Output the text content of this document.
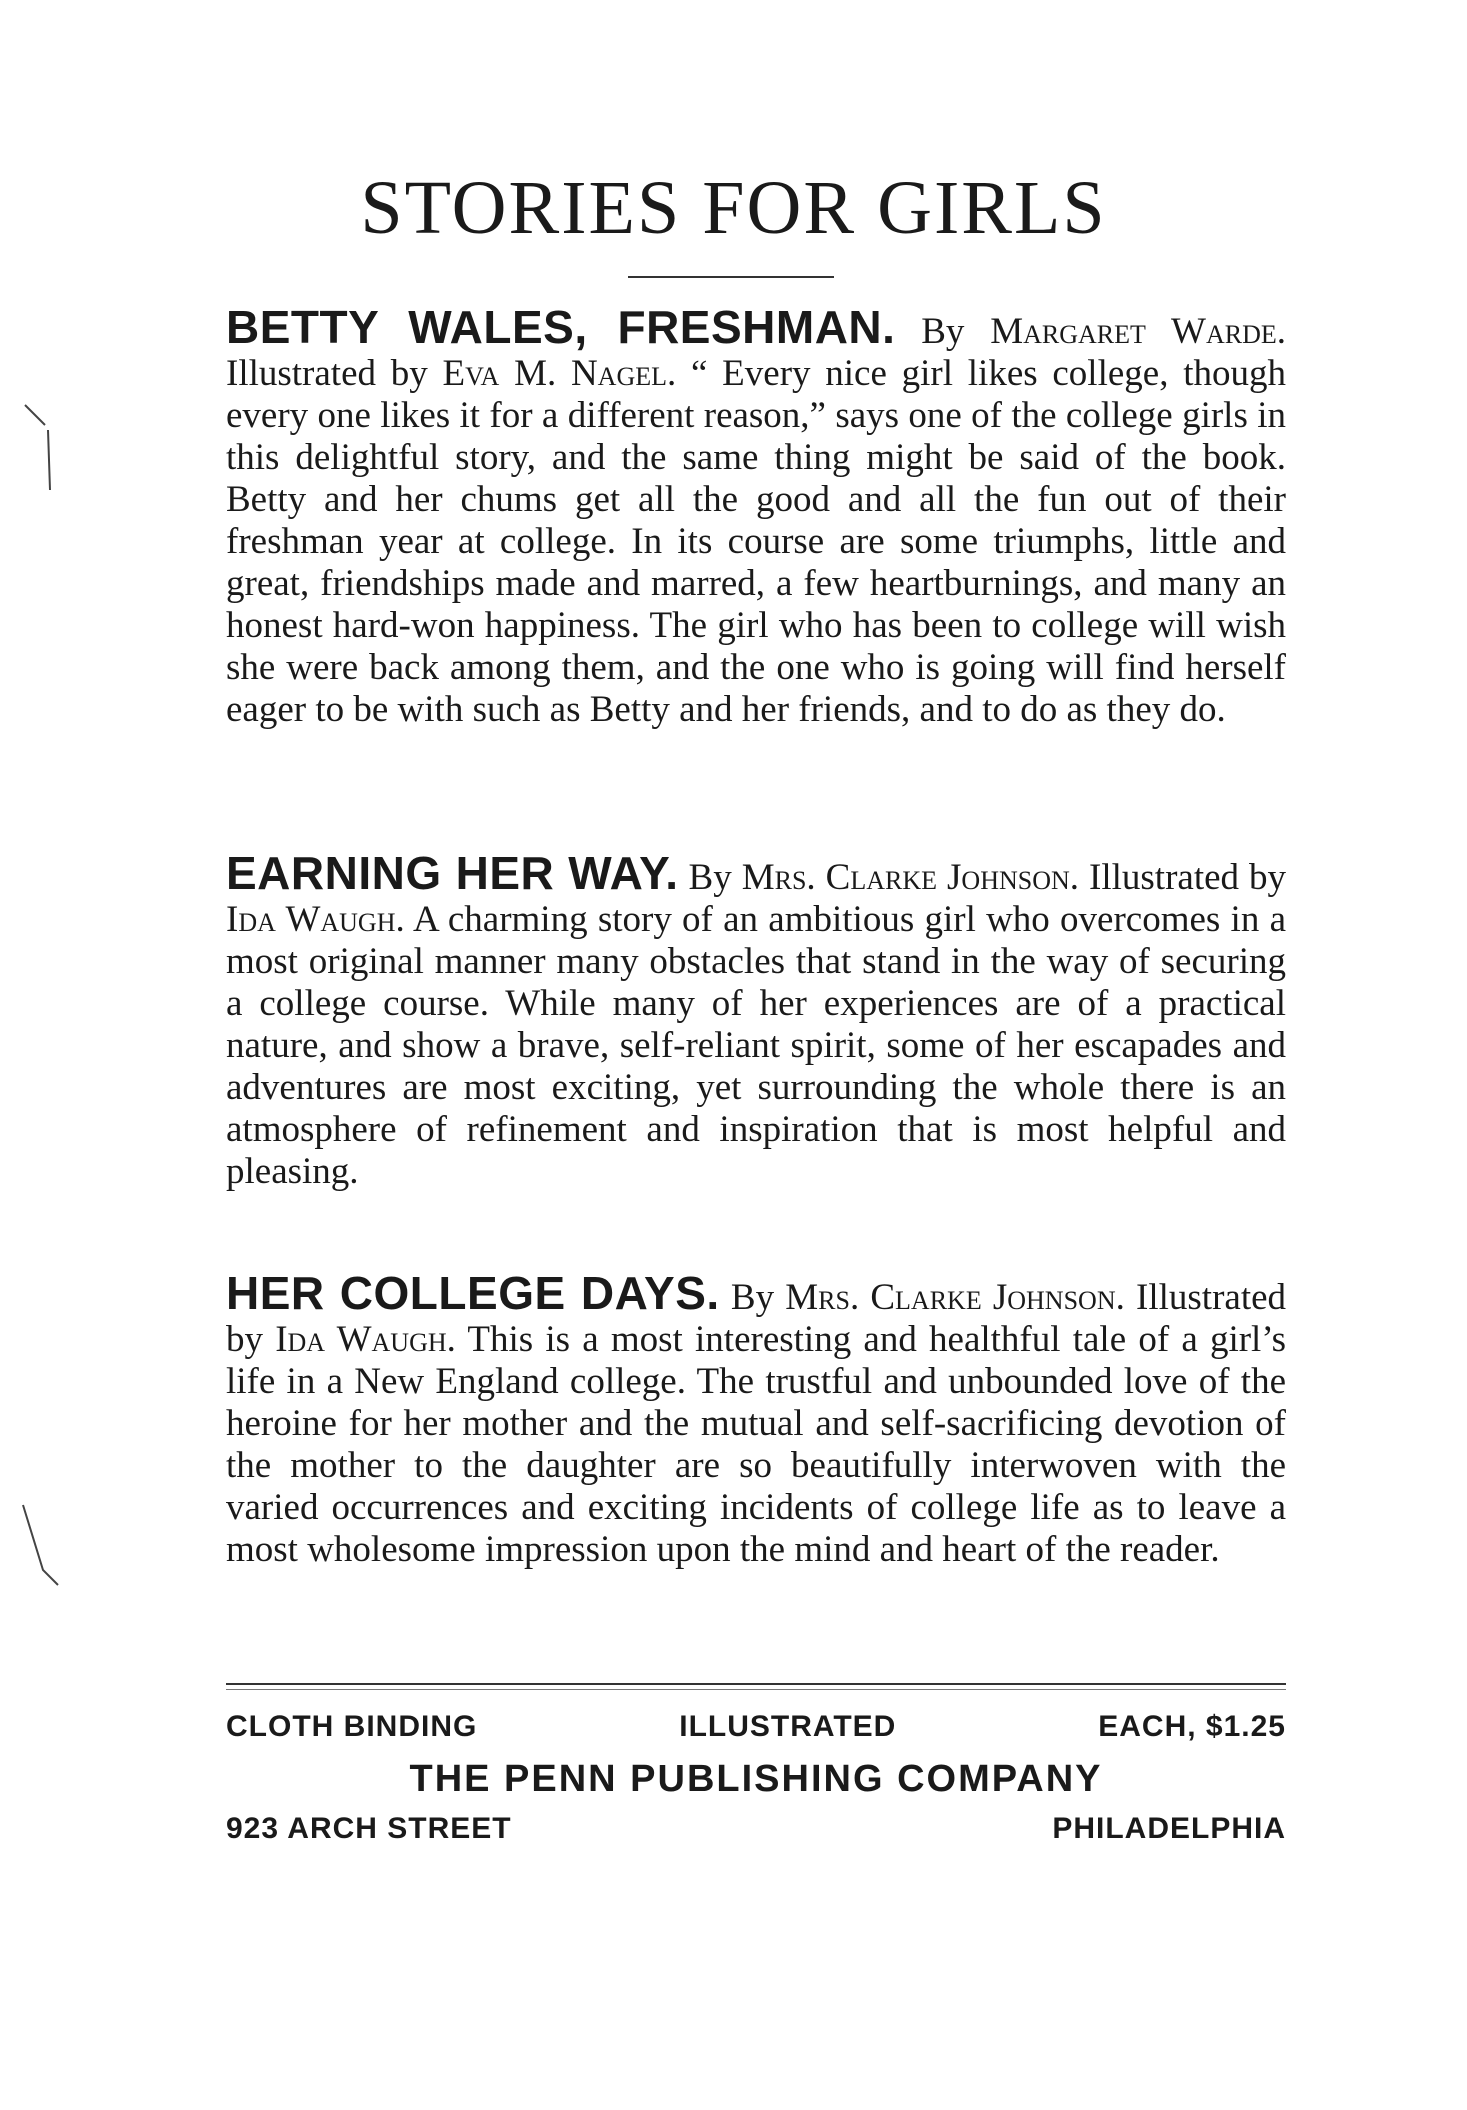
STORIES FOR GIRLS
BETTY WALES, FRESHMAN. By Margaret Warde. Illustrated by Eva M. Nagel. “ Every nice girl likes college, though every one likes it for a different reason,” says one of the college girls in this delightful story, and the same thing might be said of the book. Betty and her chums get all the good and all the fun out of their freshman year at college. In its course are some triumphs, little and great, friendships made and marred, a few heartburnings, and many an honest hard-won happiness. The girl who has been to college will wish she were back among them, and the one who is going will find herself eager to be with such as Betty and her friends, and to do as they do.
EARNING HER WAY. By Mrs. Clarke Johnson. Illustrated by Ida Waugh. A charming story of an ambitious girl who overcomes in a most original manner many obstacles that stand in the way of securing a college course. While many of her experiences are of a practical nature, and show a brave, self-reliant spirit, some of her escapades and adventures are most exciting, yet surrounding the whole there is an atmosphere of refinement and inspiration that is most helpful and pleasing.
HER COLLEGE DAYS. By Mrs. Clarke Johnson. Illustrated by Ida Waugh. This is a most interesting and healthful tale of a girl’s life in a New England college. The trustful and unbounded love of the heroine for her mother and the mutual and self-sacrificing devotion of the mother to the daughter are so beautifully interwoven with the varied occurrences and exciting incidents of college life as to leave a most wholesome impression upon the mind and heart of the reader.
CLOTH BINDING	ILLUSTRATED	EACH, $1.25
THE PENN PUBLISHING COMPANY
923 ARCH STREET	PHILADELPHIA
